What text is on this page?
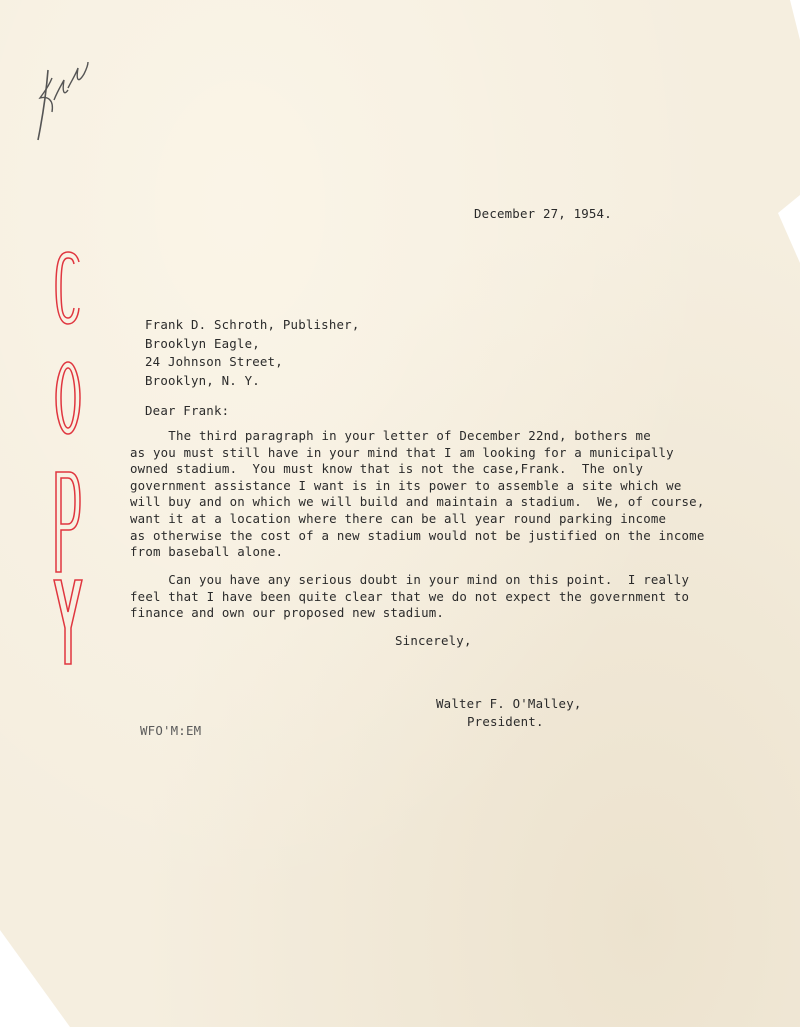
December 27, 1954.
Frank D. Schroth, Publisher,
Brooklyn Eagle,
24 Johnson Street,
Brooklyn, N. Y.
Dear Frank:
The third paragraph in your letter of December 22nd, bothers me
as you must still have in your mind that I am looking for a municipally
owned stadium.  You must know that is not the case,Frank.  The only
government assistance I want is in its power to assemble a site which we
will buy and on which we will build and maintain a stadium.  We, of course,
want it at a location where there can be all year round parking income
as otherwise the cost of a new stadium would not be justified on the income
from baseball alone.
Can you have any serious doubt in your mind on this point.  I really
feel that I have been quite clear that we do not expect the government to
finance and own our proposed new stadium.
Sincerely,
Walter F. O'Malley,
President.
WFO'M:EM
